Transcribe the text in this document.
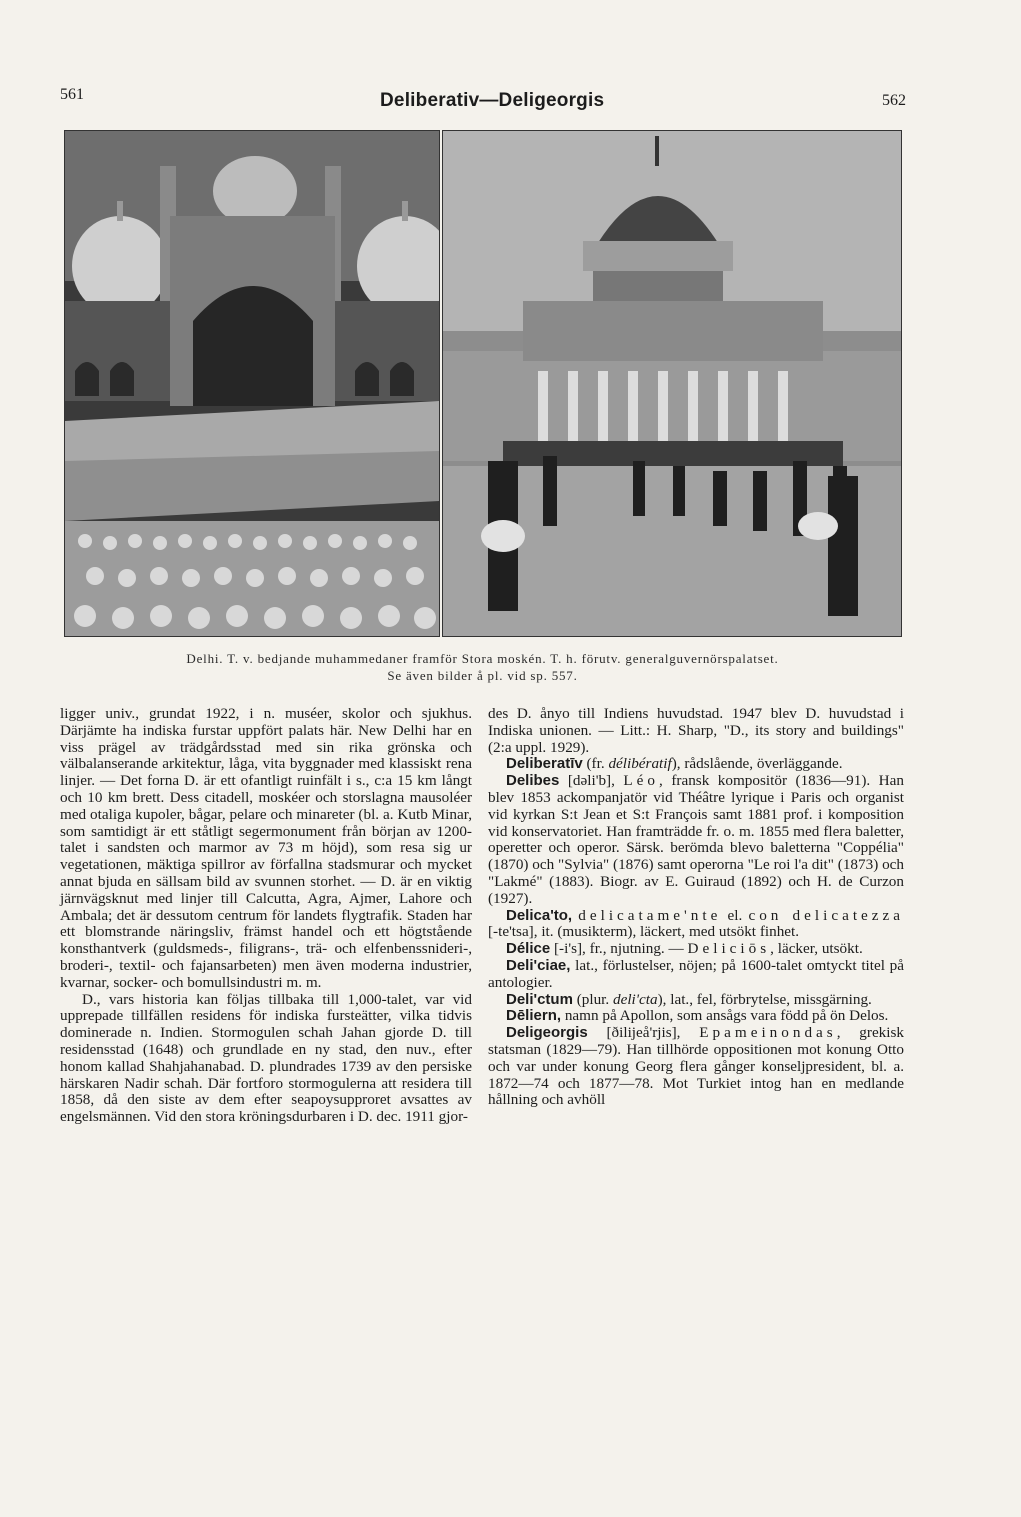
561	Deliberativ—Deligeorgis	562
Delhi. T. v. bedjande muhammedaner framför Stora moskén. T. h. förutv. generalguvernörspalatset.
Se även bilder å pl. vid sp. 557.

ligger univ., grundat 1922, i n. muséer, skolor och sjukhus. Därjämte ha indiska furstar uppfört palats här. New Delhi har en viss prägel av trädgårdsstad med sin rika grönska och välbalanserande arkitektur, låga, vita byggnader med klassiskt rena linjer. — Det forna D. är ett ofantligt ruinfält i s., c:a 15 km långt och 10 km brett. Dess citadell, moskéer och storslagna mausoléer med otaliga kupoler, bågar, pelare och minareter (bl. a. Kutb Minar, som samtidigt är ett ståtligt segermonument från början av 1200-talet i sandsten och marmor av 73 m höjd), som resa sig ur vegetationen, mäktiga spillror av förfallna stadsmurar och mycket annat bjuda en sällsam bild av svunnen storhet. — D. är en viktig järnvägsknut med linjer till Calcutta, Agra, Ajmer, Lahore och Ambala; det är dessutom centrum för landets flygtrafik. Staden har ett blomstrande näringsliv, främst handel och ett högtstående konsthantverk (guldsmeds-, filigrans-, trä- och elfenbenssnideri-, broderi-, textil- och fajansarbeten) men även moderna industrier, kvarnar, socker- och bomullsindustri m. m.

D., vars historia kan följas tillbaka till 1,000-talet, var vid upprepade tillfällen residens för indiska fursteätter, vilka tidvis dominerade n. Indien. Stormogulen schah Jahan gjorde D. till residensstad (1648) och grundlade en ny stad, den nuv., efter honom kallad Shahjahanabad. D. plundrades 1739 av den persiske härskaren Nadir schah. Där fortforo stormogulerna att residera till 1858, då den siste av dem efter seapoysupproret avsattes av engelsmännen. Vid den stora kröningsdurbaren i D. dec. 1911 gjor-

des D. ånyo till Indiens huvudstad. 1947 blev D. huvudstad i Indiska unionen. — Litt.: H. Sharp, "D., its story and buildings" (2:a uppl. 1929).

Deliberatīv (fr. délibératif), rådslående, överläggande.

Delibes [dəli'b], Léo, fransk kompositör (1836—91). Han blev 1853 ackompanjatör vid Théâtre lyrique i Paris och organist vid kyrkan S:t Jean et S:t François samt 1881 prof. i komposition vid konservatoriet. Han framträdde fr. o. m. 1855 med flera baletter, operetter och operor. Särsk. berömda blevo baletterna "Coppélia" (1870) och "Sylvia" (1876) samt operorna "Le roi l'a dit" (1873) och "Lakmé" (1883). Biogr. av E. Guiraud (1892) och H. de Curzon (1927).

Delica'to, delicatame'nte el. con delicatezza [-te'tsa], it. (musikterm), läckert, med utsökt finhet.

Délice [-i's], fr., njutning. — Deliciōs, läcker, utsökt.

Deli'ciae, lat., förlustelser, nöjen; på 1600-talet omtyckt titel på antologier.

Deli'ctum (plur. deli'cta), lat., fel, förbrytelse, missgärning.

Dēliern, namn på Apollon, som ansågs vara född på ön Delos.

Deligeorgis [ðilijeå'rjis], Epameinondas, grekisk statsman (1829—79). Han tillhörde oppositionen mot konung Otto och var under konung Georg flera gånger konseljpresident, bl. a. 1872—74 och 1877—78. Mot Turkiet intog han en medlande hållning och avhöll
